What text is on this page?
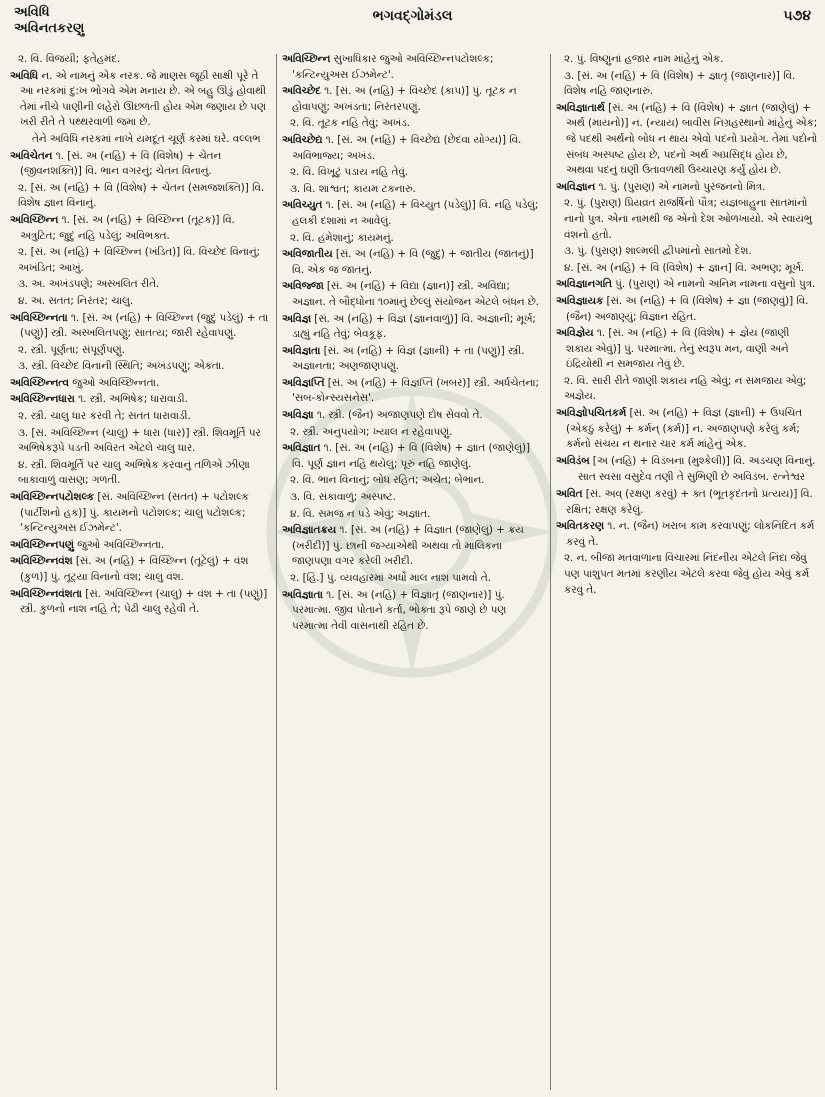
અવિધિ
અવિનતકરણુ
ભગવદ્ગોમંડલ	૫૭૪

૨. વિ. વિજયી; ફતેહમંદ.

અવિધિ ન. એ નામનું એક નરક. જે માણસ જૂઠી સાક્ષી પૂરે તે આ નરકમાં દુ:ખ ભોગવે એમ મનાય છે. એ બહુ ઊંડું હોવાથી તેમાં નીચે પાણીની લહેરો ઊછળતી હોય એમ જણાય છે પણ ખરી રીતે તે પથ્થરવાળી જમા છે.

તેને અવિધિ નરકમાં નાખે યમદૂત ચૂર્ણ કરમાં ઘરે. વલ્લભ

અવિચેતન ૧. [સં. અ (નહિ) + વિ (વિશેષ) + ચેતન (જીવનશક્તિ)] વિ. ભાન વગરનું; ચેતન વિનાનું.

૨. [સં. અ (નહિ) + વિ (વિશેષ) + ચેતન (સમજશક્તિ)] વિ. વિશેષ જ્ઞાન વિનાનું.

અવિચ્છિન્ન ૧. [સં. અ (નહિ) + વિચ્છિન્ન (તૂટક)] વિ. અત્રુટિત; જુદું નહિ પડેલું; અવિભક્ત.

૨. [સં. અ (નહિ) + વિચ્છિન્ન (ખંડિત)] વિ. વિચ્છેદ વિનાનું; અખંડિત; આખું.

૩. અ. અખંડપણે; અસ્ખલિત રીતે.

૪. અ. સતત; નિરંતર; ચાલુ.

અવિચ્છિન્નતા ૧. [સં. અ (નહિ) + વિચ્છિન્ન (જુદું પડેલું) + તા (પણું)] સ્ત્રી. અસ્ખલિતપણું; સાતત્ય; જારી રહેવાપણું.

૨. સ્ત્રી. પૂર્ણતા; સંપૂર્ણપણું.

૩. સ્ત્રી. વિચ્છેદ વિનાની સ્થિતિ; અખંડપણું; એકતા.

અવિચ્છિન્નત્વ જુઓ અવિચ્છિન્નતા.

અવિચ્છિન્નધારા ૧. સ્ત્રી. અભિષેક; ધારાવાડી.

૨. સ્ત્રી. ચાલુ ધાર કરવી તે; સતત ધારાવાડી.

૩. [સં. અવિચ્છિન્ન (ચાલુ) + ધારા (ધાર)] સ્ત્રી. શિવમૂર્તિ પર અભિષેકરૂપે પડતી અવિરત એટલે ચાલુ ધાર.

૪. સ્ત્રી. શિવમૂર્તિ પર ચાલુ અભિષેક કરવાનું તળિએ ઝીણા બાકાવાળું વાસણ; ગળતી.

અવિચ્છિન્નપટોશલ્ક [સં. અવિચ્છિન્ન (સતત) + પટોશલ્ક (પાર્ટીશનો હક)] પું. કાયમનો પટોશલ્ક; ચાલુ પટોશલ્ક; 'કન્ટિન્યુઅસ ઈઝમેન્ટ'.

અવિચ્છિન્નપણું જુઓ અવિચ્છિન્નતા.

અવિચ્છિન્નવંશ [સં. અ (નહિ) + વિચ્છિન્ન (તૂટેલું) + વંશ (કુળ)] પું. તૂટ્યા વિનાનો વંશ; ચાલુ વંશ.

અવિચ્છિન્નવંશતા [સં. અવિચ્છિન્ન (ચાલુ) + વંશ + તા (પણું)] સ્ત્રી. કુળનો નાશ નહિ તે; પેઢી ચાલુ રહેવી તે.

અવિચ્છિન્ન સુખાધિકાર જુઓ અવિચ્છિન્નપટોશલ્ક; 'કન્ટિન્યુઅસ ઈઝમેન્ટ'.

અવિચ્છેદ ૧. [સં. અ (નહિ) + વિચ્છેદ (કાપ)] પું. તૂટક ન હોવાપણું; અખંડતા; નિરંતરપણું.

૨. વિ. તૂટક નહિ તેવું; અખંડ.

અવિચ્છેદ્ય ૧. [સં. અ (નહિ) + વિચ્છેદ્ય (છેદવા યોગ્ય)] વિ. અવિભાજ્ય; અખંડ.

૨. વિ. વિખૂટું પડાય નહિ તેવું.

૩. વિ. શાશ્વત; કાયમ ટકનારું.

અવિચ્યુત ૧. [સં. અ (નહિ) + વિચ્યુત (પડેલું)] વિ. નહિ પડેલું; હલકી દશામાં ન આવેલું.

૨. વિ. હંમેશાનું; કાયમનું.

અવિજાતીય [સં. અ (નહિ) + વિ (જુદું) + જાતીય (જાતનું)] વિ. એક જ જાતનું.

અવિજ્જા [સં. અ (નહિ) + વિદ્યા (જ્ઞાન)] સ્ત્રી. અવિદ્યા; અજ્ઞાન. તે બૌદ્ધોના ૧૦માંનું છેલ્લું સંયોજન એટલે બંધન છે.

અવિજ્ઞ [સં. અ (નહિ) + વિજ્ઞ (જ્ઞાનવાળું)] વિ. અજ્ઞાની; મૂર્ખ; ડાહ્યું નહિ તેવું; બેવકૂફ.

અવિજ્ઞતા [સં. અ (નહિ) + વિજ્ઞ (જ્ઞાની) + તા (પણું)] સ્ત્રી. અજ્ઞાનતા; અણજાણપણું.

અવિજ્ઞપ્તિ [સં. અ (નહિ) + વિજ્ઞપ્તિ (ખબર)] સ્ત્રી. અર્ધચેતના; 'સબ-કોન્સ્યસનેસ'.

અવિજ્ઞા ૧. સ્ત્રી. (જૈન) અજાણપણે દોષ સેવવો તે.

૨. સ્ત્રી. અનુપયોગ; ખ્યાલ ન રહેવાપણું.

અવિજ્ઞાત ૧. [સં. અ (નહિ) + વિ (વિશેષ) + જ્ઞાત (જાણેલું)] વિ. પૂર્ણ જ્ઞાન નહિ થયેલું; પૂરું નહિ જાણેલું.

૨. વિ. ભાન વિનાનું; બોધ રહિત; અચેત; બેભાન.

૩. વિ. સંકાવાળું; અસ્પષ્ટ.

૪. વિ. સમજ ન પડે એવું; અજ્ઞાત.

અવિજ્ઞાતક્રય ૧. [સં. અ (નહિ) + વિજ્ઞાત (જાણેલું) + ક્રય (ખરીદી)] પું. છાની જગ્યાએથી અથવા તો માલિકના જાણપણા વગર કરેલી ખરીદી.

૨. [હિં.] પું. વ્યવહારમાં અર્ધો માલ નાશ પામવો તે.

અવિજ્ઞાતા ૧. [સં. અ (નહિ) + વિજ્ઞાતૃ (જાણનાર)] પું. પરમાત્મા. જીવ પોતાને કર્તા, ભોક્તા રૂપે જાણે છે પણ પરમાત્મા તેવી વાસનાથી રહિત છે.

૨. પું. વિષ્ણુનાં હજાર નામ માંહેનું એક.

૩. [સં. અ (નહિ) + વિ (વિશેષ) + જ્ઞાતૃ (જાણનાર)] વિ. વિશેષ નહિ જાણનારું.

અવિજ્ઞાતાર્થ [સં. અ (નહિ) + વિ (વિશેષ) + જ્ઞાત (જાણેલું) + અર્થ (માયનો)] ન. (ન્યાય) બાવીસ નિગ્રહસ્થાનો માંહેનું એક; જે પદથી અર્થનો બોધ ન થાય એવો પદનો પ્રયોગ. તેમાં પદોનો સંબંધ અસ્પષ્ટ હોય છે, પદનો અર્થ અપ્રસિદ્ધ હોય છે, અથવા પદનું ઘણી ઉતાવળથી ઉચ્ચારણ કર્યું હોય છે.

અવિજ્ઞાન ૧. પું. (પુરાણ) એ નામનો પુરંજનનો મિત્ર.

૨. પું. (પુરાણ) પ્રિયવ્રત રાજર્ષિનો પૌત્ર; યજ્ઞબાહુના સાતમાંનો નાનો પુત્ર. એના નામથી જ એનો દેશ ઓળખાયો. એ સ્વાયંભુ વંશનો હતો.

૩. પું. (પુરાણ) શાલ્મલી દ્વીપમાંનો સાતમો દેશ.

૪. [સં. અ (નહિ) + વિ (વિશેષ) + જ્ઞાન] વિ. અભણ; મૂર્ખ.

અવિજ્ઞાનગતિ પું. (પુરાણ) એ નામનો અનિમ નામના વસુનો પુત્ર.

અવિજ્ઞાયક [સં. અ (નહિ) + વિ (વિશેષ) + જ્ઞા (જાણવું)] વિ. (જૈન) અજાણ્યું; વિજ્ઞાન રહિત.

અવિજ્ઞેય ૧. [સં. અ (નહિ) + વિ (વિશેષ) + જ્ઞેય (જાણી શકાય એવું)] પું. પરમાત્મા. તેનું સ્વરૂપ મન, વાણી અને ઇંદ્રિયોથી ન સમજાય તેવું છે.

૨. વિ. સારી રીતે જાણી શકાય નહિ એવું; ન સમજાય એવું; અજ્ઞેય.

અવિજ્ઞોપચિતકર્મ [સં. અ (નહિ) + વિજ્ઞ (જ્ઞાની) + ઉપચિત (એકઠું કરેલું) + કર્મન્ (કર્મ)] ન. અજાણપણે કરેલું કર્મ; કર્મનો સંચય ન થનાર ચાર કર્મ માંહેનું એક.

અવિડંબ [અ (નહિ) + વિડંબના (મુશ્કેલી)] વિ. અડચણ વિનાનું.

સાત સ્વસા વસુદેવ તણી તે સુભિણી છે અવિડંબ. રત્નેશ્વર

અવિત [સં. અવ્ (રક્ષણ કરવું) + ક્ત (ભૂતકૃદંતનો પ્રત્યય)] વિ. રક્ષિત; રક્ષણ કરેલું.

અવિતકરણ ૧. ન. (જૈન) ખરાબ કામ કરવાપણું; લોકનિંદિત કર્મ કરવું તે.

૨. ન. બીજા મતવાળાના વિચારમાં નિંદનીય એટલે નિંદા જેવું પણ પાશુપત મતમાં કરણીય એટલે કરવા જેવું હોય એવું કર્મ કરવું તે.
